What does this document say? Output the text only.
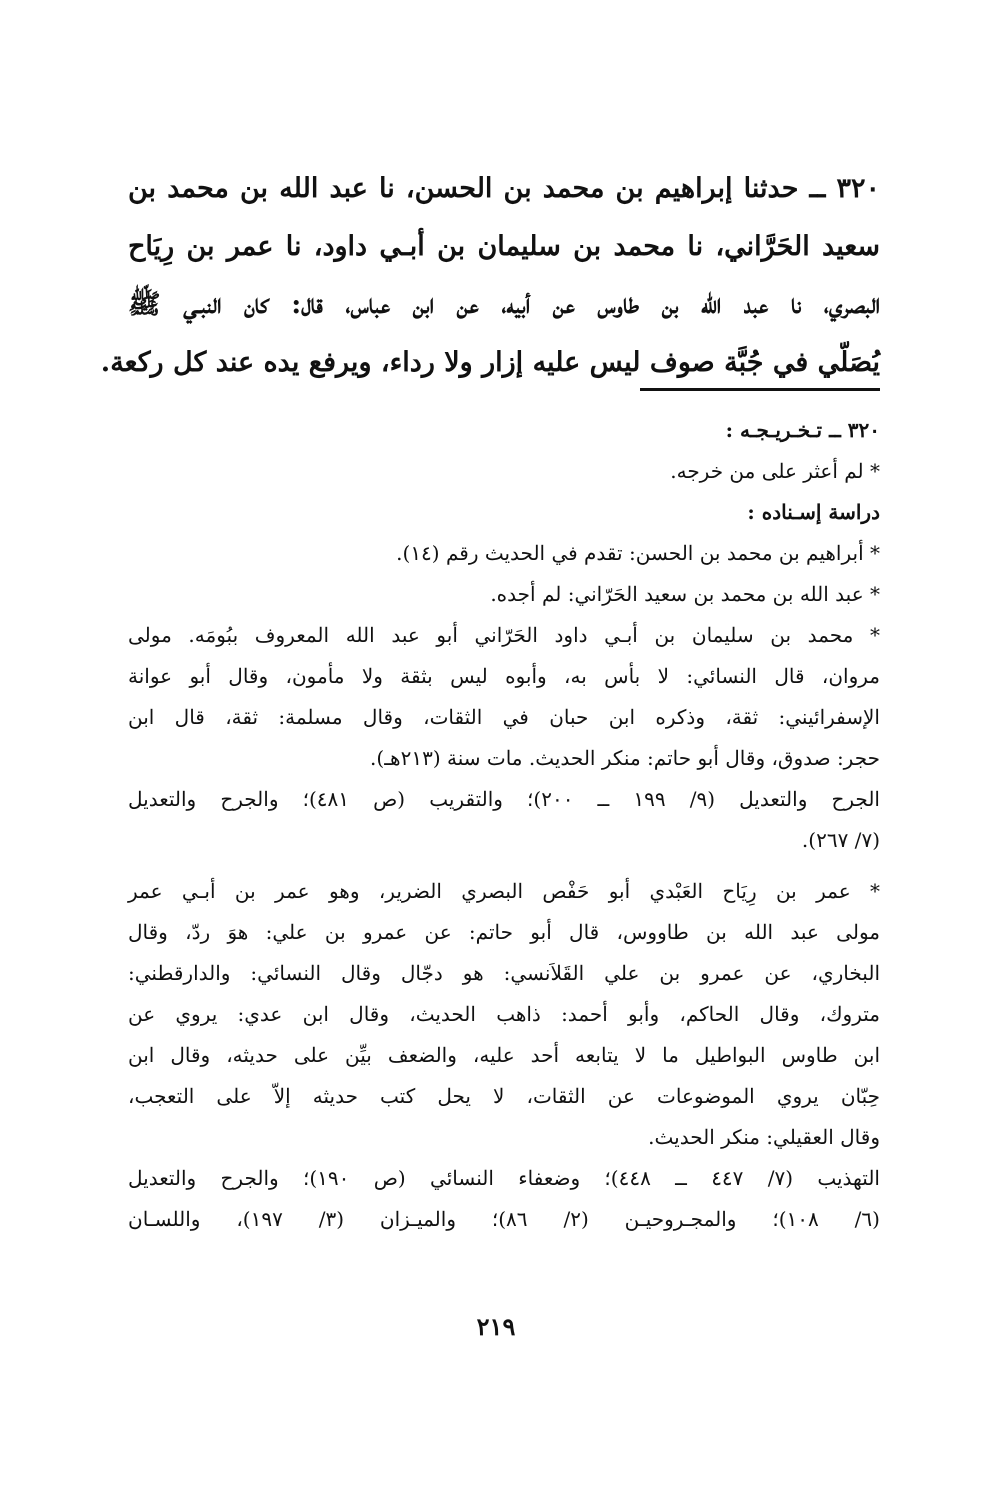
٣٢٠ ــ حدثنا إبراهيم بن محمد بن الحسن، نا عبد الله بن محمد بن
سعيد الحَرَّاني، نا محمد بن سليمان بن أبـي داود، نا عمر بن رِيَاح
البصري، نا عبد الله بن طاوس عن أبيه، عن ابن عباس، قال: كان النبـي ﷺ
يُصَلّي في جُبَّة صوف ليس عليه إزار ولا رداء، ويرفع يده عند كل ركعة.
٣٢٠ ــ تـخـريـجـه :
* لم أعثر على من خرجه.
دراسة إسـناده :
* أبراهيم بن محمد بن الحسن: تقدم في الحديث رقم (١٤).
* عبد الله بن محمد بن سعيد الحَرّاني: لم أجده.
* محمد بن سليمان بن أبـي داود الحَرّاني أبو عبد الله المعروف ببُومَه. مولى
مروان، قال النسائي: لا بأس به، وأبوه ليس بثقة ولا مأمون، وقال أبو عوانة
الإسفرائيني: ثقة، وذكره ابن حبان في الثقات، وقال مسلمة: ثقة، قال ابن
حجر: صدوق، وقال أبو حاتم: منكر الحديث. مات سنة (٢١٣هـ).
الجرح والتعديل (٩/ ١٩٩ ــ ٢٠٠)؛ والتقريب (ص ٤٨١)؛ والجرح والتعديل
(٧/ ٢٦٧).
* عمر بن رِيَاح العَبْدي أبو حَفْص البصري الضرير، وهو عمر بن أبـي عمر
مولى عبد الله بن طاووس، قال أبو حاتم: عن عمرو بن علي: هوَ ردّ، وقال
البخاري، عن عمرو بن علي القَلاَنسي: هو دجّال وقال النسائي: والدارقطني:
متروك، وقال الحاكم، وأبو أحمد: ذاهب الحديث، وقال ابن عدي: يروي عن
ابن طاوس البواطيل ما لا يتابعه أحد عليه، والضعف بيِّن على حديثه، وقال ابن
حِبّان يروي الموضوعات عن الثقات، لا يحل كتب حديثه إلاّ على التعجب،
وقال العقيلي: منكر الحديث.
التهذيب (٧/ ٤٤٧ ــ ٤٤٨)؛ وضعفاء النسائي (ص ١٩٠)؛ والجرح والتعديل
(٦/ ١٠٨)؛ والمجـروحيـن (٢/ ٨٦)؛ والميـزان (٣/ ١٩٧)، واللسـان
٢١٩
